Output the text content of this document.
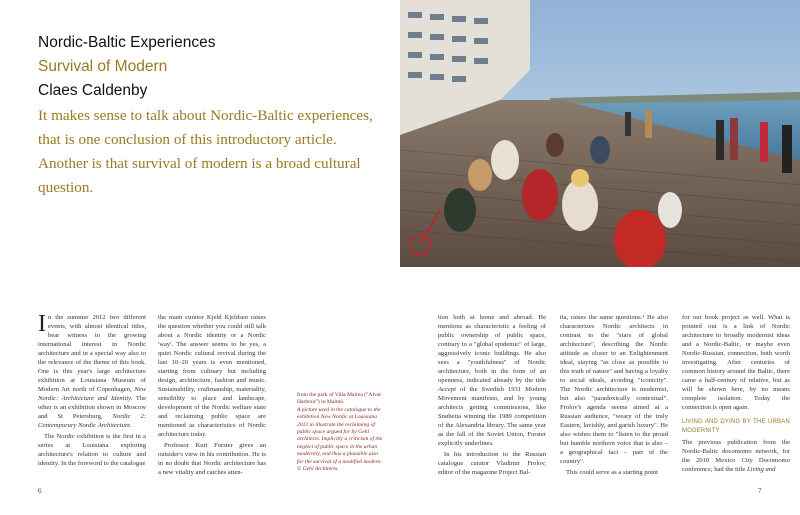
Nordic-Baltic Experiences

Survival of Modern

Claes Caldenby

It makes sense to talk about Nordic-Baltic experiences, that is one conclusion of this introductory article. Another is that survival of modern is a broad cultural question.

In the summer 2012 two different events, with almost identical titles, bear witness to the growing international interest in Nordic architecture and in a special way also to the relevance of the theme of this book. One is this year's large architecture exhibition at Louisiana Museum of Modern Art north of Copenhagen, New Nordic: Architecture and Identity. The other is an exhibition shown in Moscow and St Petersburg, Nordic 2: Contemporary Nordic Architecture.

The Nordic exhibition is the first in a series at Louisiana exploring architecture's relation to culture and identity. In the foreword to the catalogue

the main curator Kjeld Kjeldsen raises the question whether you could still talk about a Nordic identity or a Nordic 'way'. The answer seems to be yes, a quiet Nordic cultural revival during the last 10–20 years is even mentioned, starting from culinary but including design, architecture, fashion and music. Sustainability, craftmanship, materiality, sensibility to place and landscape, development of the Nordic welfare state and reclaiming public space are mentioned as characteristics of Nordic architecture today.

Professor Kurt Forster gives an outsider's view in his contribution. He is in no doubt that Nordic architecture has a new vitality and catches atten-

from the park of Villa Mairea ("Alvar Harbour") in Malmö.

A picture used in the catalogue to the exhibition New Nordic at Louisiana 2012 to illustrate the reclaiming of public space argued for by Gehl architects. Implicitly a criticism of the neglect of public space in the urban modernity, and thus a plausible also for the survival of a modified modern. © Gehl Architects.

6

tion both at home and abroad. He mentions as characteristic a feeling of public ownership of public space, contrary to a "global epidemic" of large, aggressively iconic buildings. He also sees a "youthfulness" of Nordic architecture, both in the form of an openness, indicated already by the title Accept of the Swedish 1931 Modern Movement manifesto, and by young architects getting commissions, like Snøhetta winning the 1989 competition of the Alexandria library. The same year as the fall of the Soviet Union, Forster explicitly underlines.

In his introduction to the Russian catalogue curator Vladimir Frolov, editor of the magazine Project Bal-

tia, raises the same questions.¹ He also characterizes Nordic architects in contrast to the "stars of global architecture", describing the Nordic attitude as closer to an Enlightenment ideal, staying "as close as possible to this truth of nature" and having a loyalty to social ideals, avoiding "iconicity". The Nordic architecture is modernist, but also "paradoxically contextual". Frolov's agenda seems aimed at a Russian audience, "weary of the truly Eastern, lavishly, and garish luxury". He also wishes them to "listen to the proud but humble northern voice that is also – a geographical fact – part of the country".

This could serve as a starting point

for our book project as well. What is pointed out is a link of Nordic architecture to broadly modernist ideas and a Nordic-Baltic, or maybe even Nordic-Russian, connection, both worth investigating. After centuries of common history around the Baltic, there came a half-century of relative, but as will be shown here, by no means complete isolation. Today the connection is open again.

LIVING AND DYING BY THE URBAN MODERNITY

The previous publication from the Nordic-Baltic docomomo network, for the 2010 Mexico City Docomomo conference, had the title Living and

7
